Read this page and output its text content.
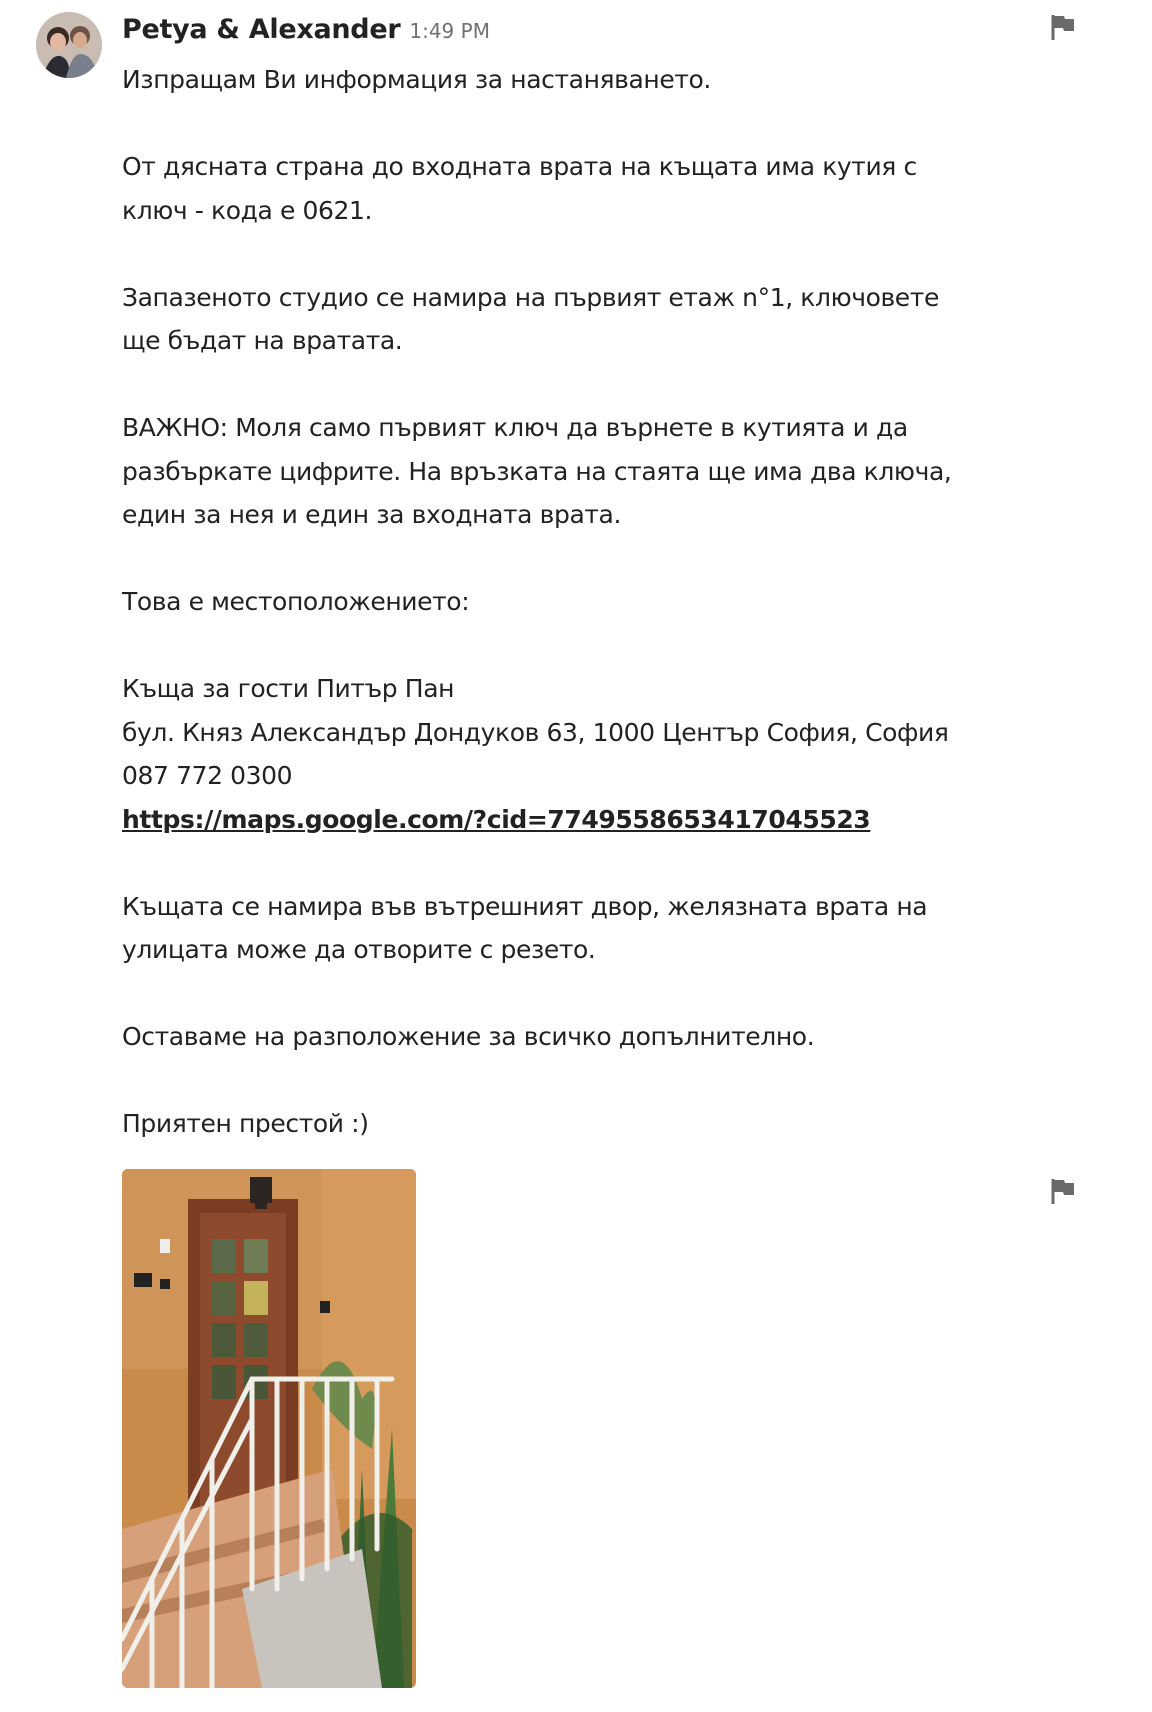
Petya & Alexander 1:49 PM
Изпращам Ви информация за настаняването.
От дясната страна до входната врата на къщата има кутия с
ключ - кода е 0621.
Запазеното студио се намира на първият етаж n°1, ключовете
ще бъдат на вратата.
ВАЖНО: Моля само първият ключ да върнете в кутията и да
разбъркате цифрите. На връзката на стаята ще има два ключа,
един за нея и един за входната врата.
Това е местоположението:
Къща за гости Питър Пан
бул. Княз Александър Дондуков 63, 1000 Център София, София
087 772 0300
https://maps.google.com/?cid=7749558653417045523
Къщата се намира във вътрешният двор, желязната врата на
улицата може да отворите с резето.
Оставаме на разположение за всичко допълнително.
Приятен престой :)
